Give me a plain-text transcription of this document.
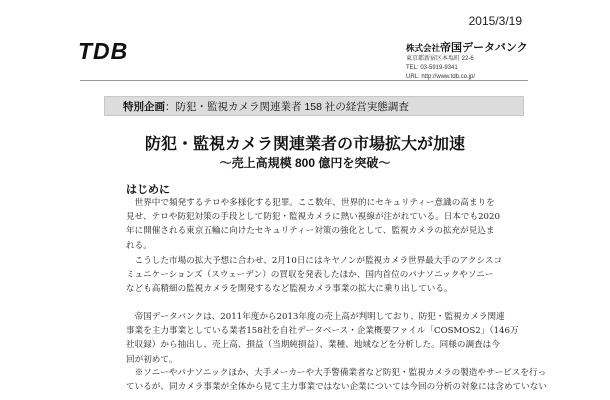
2015/3/19
TDB	株式会社帝国データバンク
東京都新宿区本塩町 22-6
TEL: 03-5919-9341
URL: http://www.tdb.co.jp/
特別企画：防犯・監視カメラ関連業者 158 社の経営実態調査
防犯・監視カメラ関連業者の市場拡大が加速
〜売上高規模 800 億円を突破〜
はじめに

　世界中で頻発するテロや多様化する犯罪。ここ数年、世界的にセキュリティー意識の高まりを

見せ、テロや防犯対策の手段として防犯・監視カメラに熱い視線が注がれている。日本でも2020

年に開催される東京五輪に向けたセキュリティー対策の強化として、監視カメラの拡充が見込ま

れる。

　こうした市場の拡大予想に合わせ、2月10日にはキヤノンが監視カメラ世界最大手のアクシスコ

ミュニケーションズ（スウェーデン）の買収を発表したほか、国内首位のパナソニックやソニー

なども高精細の監視カメラを開発するなど監視カメラ事業の拡大に乗り出している。

　帝国データバンクは、2011年度から2013年度の売上高が判明しており、防犯・監視カメラ関連

事業を主力事業としている業者158社を自社データベース・企業概要ファイル「COSMOS2」（146万

社収録）から抽出し、売上高、損益（当期純損益）、業種、地域などを分析した。同様の調査は今

回が初めて。

　※ソニーやパナソニックほか、大手メーカーや大手警備業者など防犯・監視カメラの製造やサービスを行っ

ているが、同カメラ事業が全体から見て主力事業ではない企業については今回の分析の対象には含めていない
